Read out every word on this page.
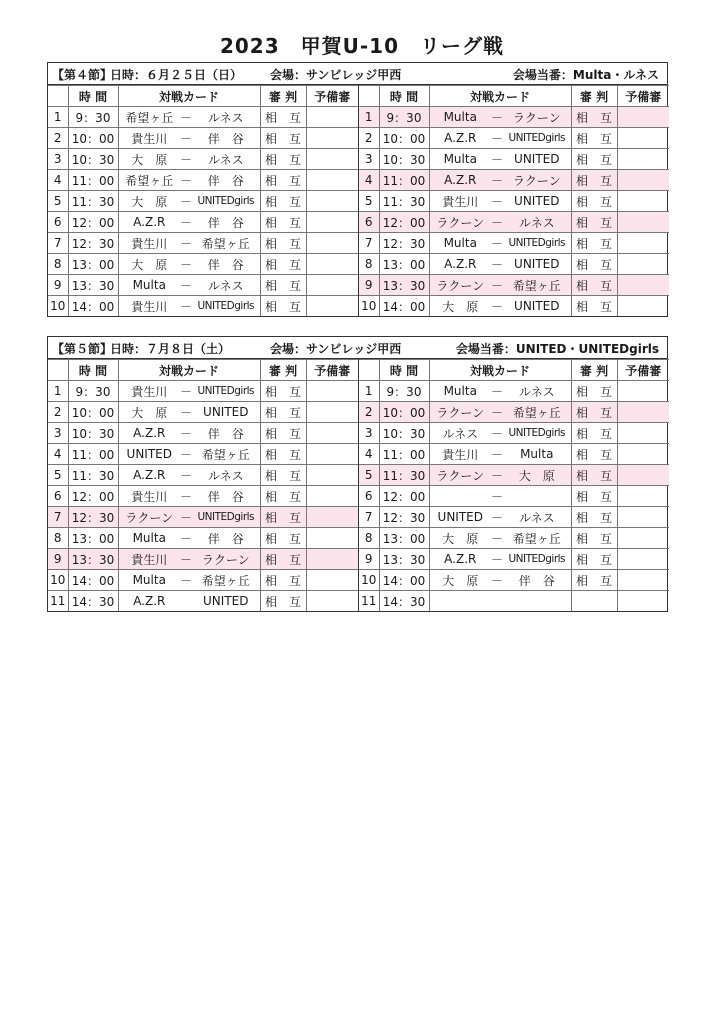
2023　甲賀U-10　リーグ戦
【第４節】
日時：６月２５日（日） 会場：サンビレッジ甲西	会場当番：Multa・ルネス
	時 間	対戦カード	審 判	予備審
1	9：30	希望ヶ丘 － ルネス	相　互	
2	10：00	貴生川 － 伴　谷	相　互	
3	10：30	大　原 － ルネス	相　互	
4	11：00	希望ヶ丘 － 伴　谷	相　互	
5	11：30	大　原 － UNITEDgirls	相　互	
6	12：00	A.Z.R － 伴　谷	相　互	
7	12：30	貴生川 － 希望ヶ丘	相　互	
8	13：00	大　原 － 伴　谷	相　互	
9	13：30	Multa － ルネス	相　互	
10	14：00	貴生川 － UNITEDgirls	相　互	
	時 間	対戦カード	審 判	予備審
1	9：30	Multa － ラクーン	相　互	
2	10：00	A.Z.R － UNITEDgirls	相　互	
3	10：30	Multa － UNITED	相　互	
4	11：00	A.Z.R － ラクーン	相　互	
5	11：30	貴生川 － UNITED	相　互	
6	12：00	ラクーン － ルネス	相　互	
7	12：30	Multa － UNITEDgirls	相　互	
8	13：00	A.Z.R － UNITED	相　互	
9	13：30	ラクーン － 希望ヶ丘	相　互	
10	14：00	大　原 － UNITED	相　互	
【第５節】
日時：７月８日（土）	会場：サンビレッジ甲西	会場当番：UNITED・UNITEDgirls
	時 間	対戦カード	審 判	予備審
1	9：30	貴生川 － UNITEDgirls	相　互	
2	10：00	大　原 － UNITED	相　互	
3	10：30	A.Z.R － 伴　谷	相　互	
4	11：00	UNITED － 希望ヶ丘	相　互	
5	11：30	A.Z.R － ルネス	相　互	
6	12：00	貴生川 － 伴　谷	相　互	
7	12：30	ラクーン － UNITEDgirls	相　互	
8	13：00	Multa － 伴　谷	相　互	
9	13：30	貴生川 － ラクーン	相　互	
10	14：00	Multa － 希望ヶ丘	相　互	
11	14：30	A.Z.R UNITED	相　互	
	時 間	対戦カード	審 判	予備審
1	9：30	Multa － ルネス	相　互	
2	10：00	ラクーン － 希望ヶ丘	相　互	
3	10：30	ルネス － UNITEDgirls	相　互	
4	11：00	貴生川 － Multa	相　互	
5	11：30	ラクーン － 大　原	相　互	
6	12：00	－	相　互	
7	12：30	UNITED － ルネス	相　互	
8	13：00	大　原 － 希望ヶ丘	相　互	
9	13：30	A.Z.R － UNITEDgirls	相　互	
10	14：00	大　原 － 伴　谷	相　互	
11	14：30	
